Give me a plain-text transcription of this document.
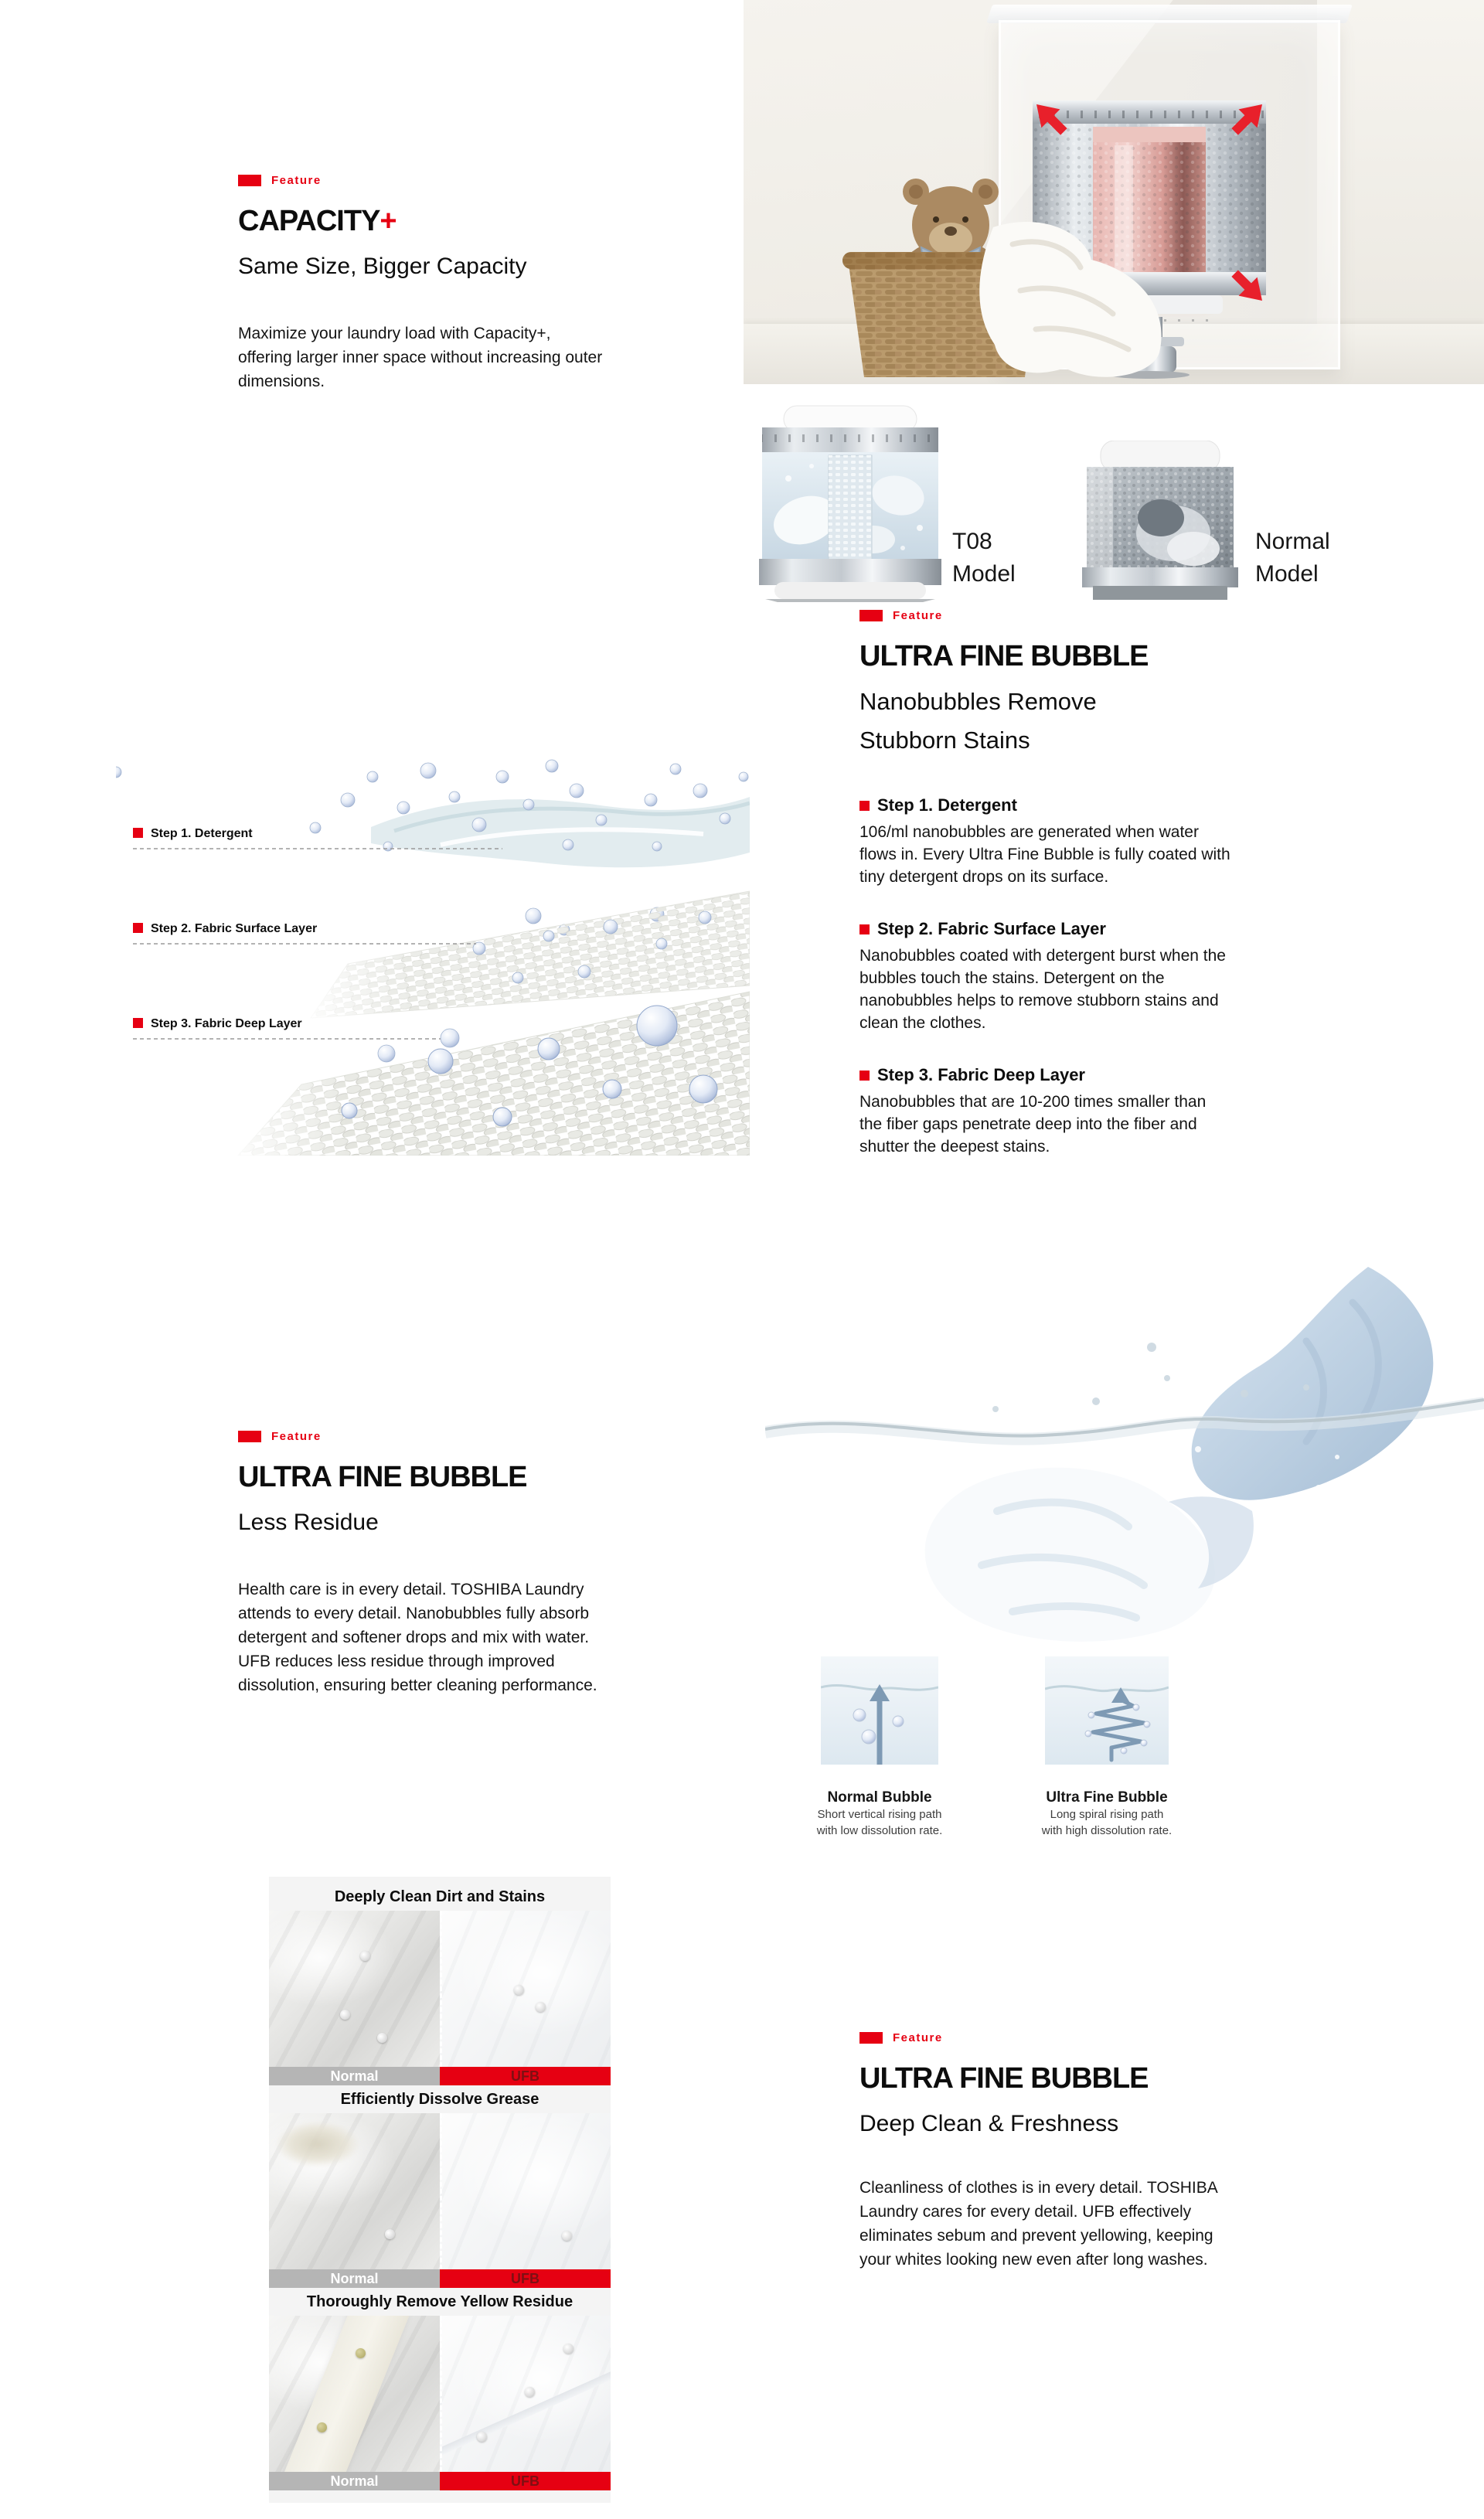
Feature
CAPACITY+
Same Size, Bigger Capacity

Maximize your laundry load with Capacity+, offering larger inner space without increasing outer dimensions.

T08 Model
Normal Model
Feature
ULTRA FINE BUBBLE
Nanobubbles Remove Stubborn Stains
Step 1. Detergent
106/ml nanobubbles are generated when water flows in. Every Ultra Fine Bubble is fully coated with tiny detergent drops on its surface.
Step 2. Fabric Surface Layer
Nanobubbles coated with detergent burst when the bubbles touch the stains. Detergent on the nanobubbles helps to remove stubborn stains and clean the clothes.
Step 3. Fabric Deep Layer
Nanobubbles that are 10-200 times smaller than the fiber gaps penetrate deep into the fiber and shutter the deepest stains.
Step 1. Detergent
Step 2. Fabric Surface Layer
Step 3. Fabric Deep Layer
Feature
ULTRA FINE BUBBLE
Less Residue

Health care is in every detail. TOSHIBA Laundry attends to every detail. Nanobubbles fully absorb detergent and softener drops and mix with water. UFB reduces less residue through improved dissolution, ensuring better cleaning performance.

Normal Bubble
Short vertical rising path
with low dissolution rate.
Ultra Fine Bubble
Long spiral rising path
with high dissolution rate.
Feature
ULTRA FINE BUBBLE
Deep Clean & Freshness

Cleanliness of clothes is in every detail. TOSHIBA Laundry cares for every detail. UFB effectively eliminates sebum and prevent yellowing, keeping your whites looking new even after long washes.

Deeply Clean Dirt and Stains
Normal	UFB
Efficiently Dissolve Grease
Normal	UFB
Thoroughly Remove Yellow Residue
Normal	UFB
